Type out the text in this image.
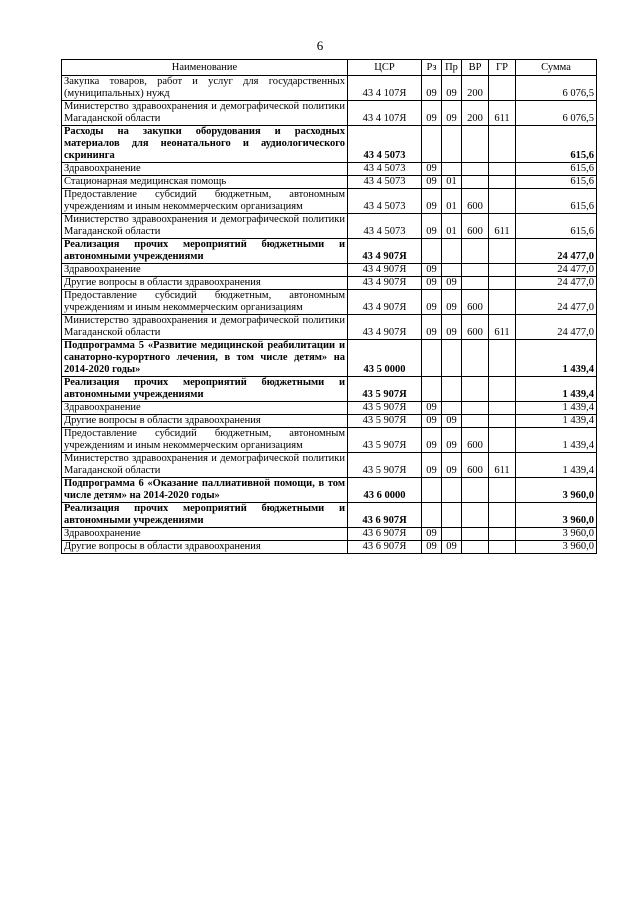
6
Наименование	ЦСР	Рз	Пр	ВР	ГР	Сумма
Закупка товаров, работ и услуг для государственных (муниципальных) нужд	43 4 107Я	09	09	200		6 076,5
Министерство здравоохранения и демографической политики Магаданской области	43 4 107Я	09	09	200	611	6 076,5
Расходы на закупки оборудования и расходных материалов для неонатального и аудиологического скрининга	43 4 5073					615,6
Здравоохранение	43 4 5073	09				615,6
Стационарная медицинская помощь	43 4 5073	09	01			615,6
Предоставление субсидий бюджетным, автономным учреждениям и иным некоммерческим организациям	43 4 5073	09	01	600		615,6
Министерство здравоохранения и демографической политики Магаданской области	43 4 5073	09	01	600	611	615,6
Реализация прочих мероприятий бюджетными и автономными учреждениями	43 4 907Я					24 477,0
Здравоохранение	43 4 907Я	09				24 477,0
Другие вопросы в области здравоохранения	43 4 907Я	09	09			24 477,0
Предоставление субсидий бюджетным, автономным учреждениям и иным некоммерческим организациям	43 4 907Я	09	09	600		24 477,0
Министерство здравоохранения и демографической политики Магаданской области	43 4 907Я	09	09	600	611	24 477,0
Подпрограмма 5 «Развитие медицинской реабилитации и санаторно-курортного лечения, в том числе детям» на 2014-2020 годы»	43 5 0000					1 439,4
Реализация прочих мероприятий бюджетными и автономными учреждениями	43 5 907Я					1 439,4
Здравоохранение	43 5 907Я	09				1 439,4
Другие вопросы в области здравоохранения	43 5 907Я	09	09			1 439,4
Предоставление субсидий бюджетным, автономным учреждениям и иным некоммерческим организациям	43 5 907Я	09	09	600		1 439,4
Министерство здравоохранения и демографической политики Магаданской области	43 5 907Я	09	09	600	611	1 439,4
Подпрограмма 6 «Оказание паллиативной помощи, в том числе детям» на 2014-2020 годы»	43 6 0000					3 960,0
Реализация прочих мероприятий бюджетными и автономными учреждениями	43 6 907Я					3 960,0
Здравоохранение	43 6 907Я	09				3 960,0
Другие вопросы в области здравоохранения	43 6 907Я	09	09			3 960,0
